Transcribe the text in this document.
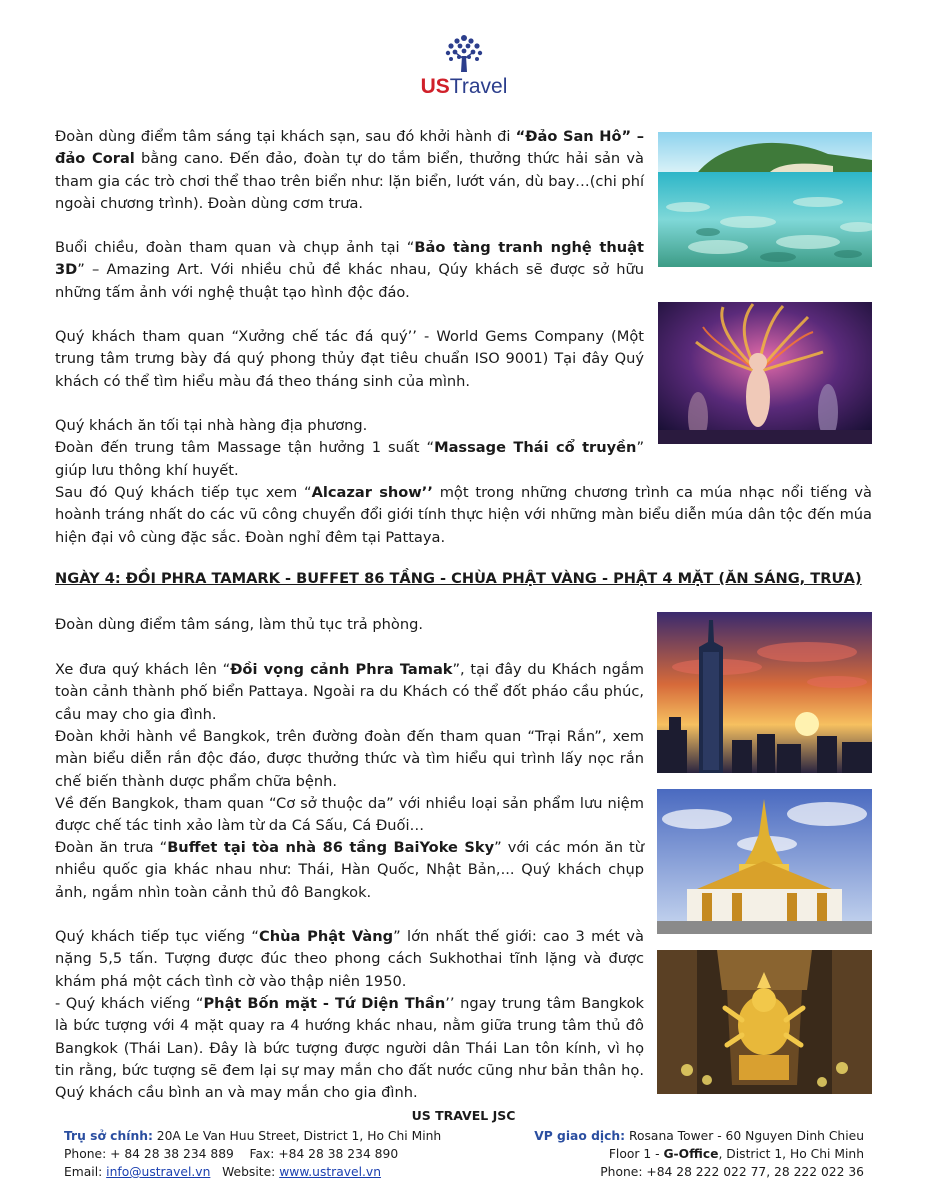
USTravel

Đoàn dùng điểm tâm sáng tại khách sạn, sau đó khởi hành đi “Đảo San Hô” – đảo Coral bằng cano. Đến đảo, đoàn tự do tắm biển, thưởng thức hải sản và tham gia các trò chơi thể thao trên biển như: lặn biển, lướt ván, dù bay…(chi phí ngoài chương trình). Đoàn dùng cơm trưa.

Buổi chiều, đoàn tham quan và chụp ảnh tại “Bảo tàng tranh nghệ thuật 3D” – Amazing Art. Với nhiều chủ đề khác nhau, Qúy khách sẽ được sở hữu những tấm ảnh với nghệ thuật tạo hình độc đáo.

Quý khách tham quan “Xưởng chế tác đá quý’’ - World Gems Company (Một trung tâm trưng bày đá quý phong thủy đạt tiêu chuẩn ISO 9001) Tại đây Quý khách có thể tìm hiểu màu đá theo tháng sinh của mình.

Quý khách ăn tối tại nhà hàng địa phương.
Đoàn đến trung tâm Massage tận hưởng 1 suất “Massage Thái cổ truyền” giúp lưu thông khí huyết.

Sau đó Quý khách tiếp tục xem “Alcazar show’’ một trong những chương trình ca múa nhạc nổi tiếng và hoành tráng nhất do các vũ công chuyển đổi giới tính thực hiện với những màn biểu diễn múa dân tộc đến múa hiện đại vô cùng đặc sắc. Đoàn nghỉ đêm tại Pattaya.

NGÀY 4: ĐỒI PHRA TAMARK - BUFFET 86 TẦNG - CHÙA PHẬT VÀNG - PHẬT 4 MẶT (ĂN SÁNG, TRƯA)

Đoàn dùng điểm tâm sáng, làm thủ tục trả phòng.

Xe đưa quý khách lên “Đồi vọng cảnh Phra Tamak”, tại đây du Khách ngắm toàn cảnh thành phố biển Pattaya. Ngoài ra du Khách có thể đốt pháo cầu phúc, cầu may cho gia đình.

Đoàn khởi hành về Bangkok, trên đường đoàn đến tham quan “Trại Rắn”, xem màn biểu diễn rắn độc đáo, được thưởng thức và tìm hiểu qui trình lấy nọc rắn chế biến thành dược phẩm chữa bệnh.

Về đến Bangkok, tham quan “Cơ sở thuộc da” với nhiều loại sản phẩm lưu niệm được chế tác tinh xảo làm từ da Cá Sấu, Cá Đuối…

Đoàn ăn trưa “Buffet tại tòa nhà 86 tầng BaiYoke Sky” với các món ăn từ nhiều quốc gia khác nhau như: Thái, Hàn Quốc, Nhật Bản,... Quý khách chụp ảnh, ngắm nhìn toàn cảnh thủ đô Bangkok.

Quý khách tiếp tục viếng “Chùa Phật Vàng” lớn nhất thế giới: cao 3 mét và nặng 5,5 tấn. Tượng được đúc theo phong cách Sukhothai tĩnh lặng và được khám phá một cách tình cờ vào thập niên 1950.

- Quý khách viếng “Phật Bốn mặt - Tứ Diện Thần’’ ngay trung tâm Bangkok là bức tượng với 4 mặt quay ra 4 hướng khác nhau, nằm giữa trung tâm thủ đô Bangkok (Thái Lan). Đây là bức tượng được người dân Thái Lan tôn kính, vì họ tin rằng, bức tượng sẽ đem lại sự may mắn cho đất nước cũng như bản thân họ. Quý khách cầu bình an và may mắn cho gia đình.

US TRAVEL JSC
Trụ sở chính: 20A Le Van Huu Street, District 1, Ho Chi Minh
Phone: + 84 28 38 234 889    Fax: +84 28 38 234 890
Email: info@ustravel.vn   Website: www.ustravel.vn
VP giao dịch: Rosana Tower - 60 Nguyen Dinh Chieu
Floor 1 - G-Office, District 1, Ho Chi Minh
Phone: +84 28 222 022 77, 28 222 022 36
